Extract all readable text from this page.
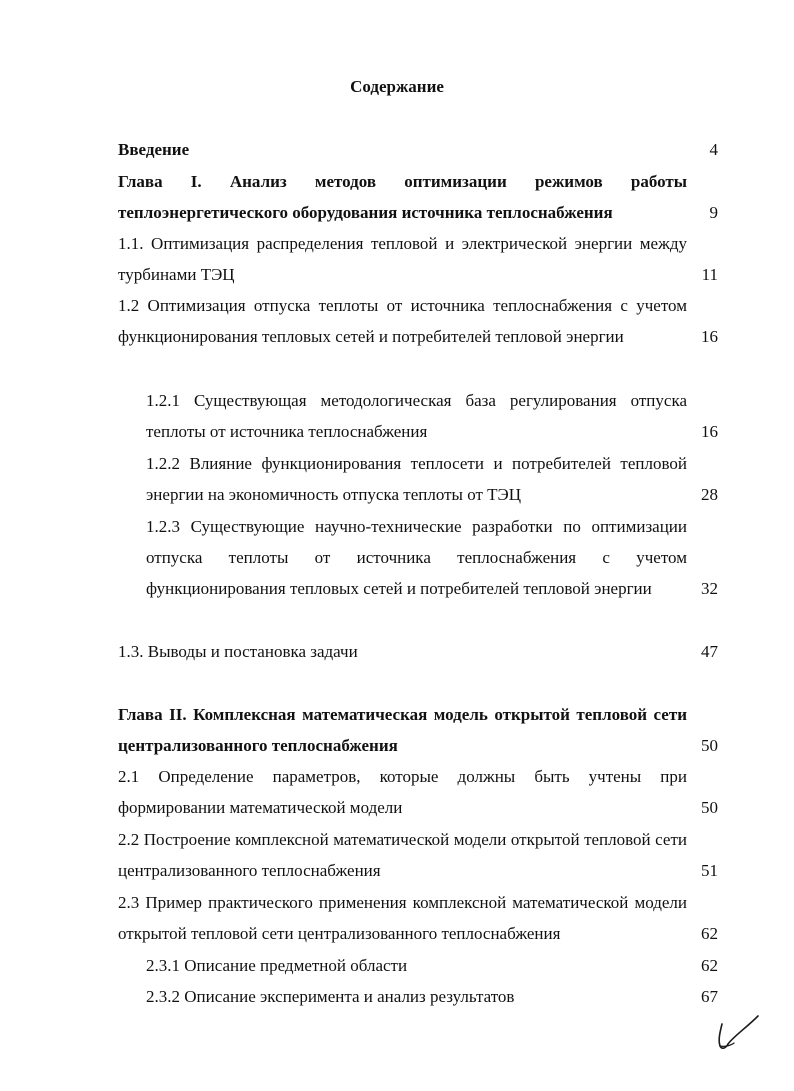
Содержание
Введение	4
Глава I. Анализ методов оптимизации режимов работы теплоэнергетического оборудования источника теплоснабжения	9
1.1. Оптимизация распределения тепловой и электрической энергии между турбинами ТЭЦ	11
1.2 Оптимизация отпуска теплоты от источника теплоснабжения с учетом функционирования тепловых сетей и потребителей тепловой энергии	16
1.2.1 Существующая методологическая база регулирования отпуска теплоты от источника теплоснабжения	16
1.2.2 Влияние функционирования теплосети и потребителей тепловой энергии на экономичность отпуска теплоты от ТЭЦ	28
1.2.3 Существующие научно-технические разработки по оптимизации отпуска теплоты от источника теплоснабжения с учетом функционирования тепловых сетей и потребителей тепловой энергии	32
1.3. Выводы и постановка задачи	47
Глава II. Комплексная математическая модель открытой тепловой сети централизованного теплоснабжения	50
2.1 Определение параметров, которые должны быть учтены при формировании математической модели	50
2.2 Построение комплексной математической модели открытой тепловой сети централизованного теплоснабжения	51
2.3 Пример практического применения комплексной математической модели открытой тепловой сети централизованного теплоснабжения	62
2.3.1 Описание предметной области	62
2.3.2 Описание эксперимента и анализ результатов	67
